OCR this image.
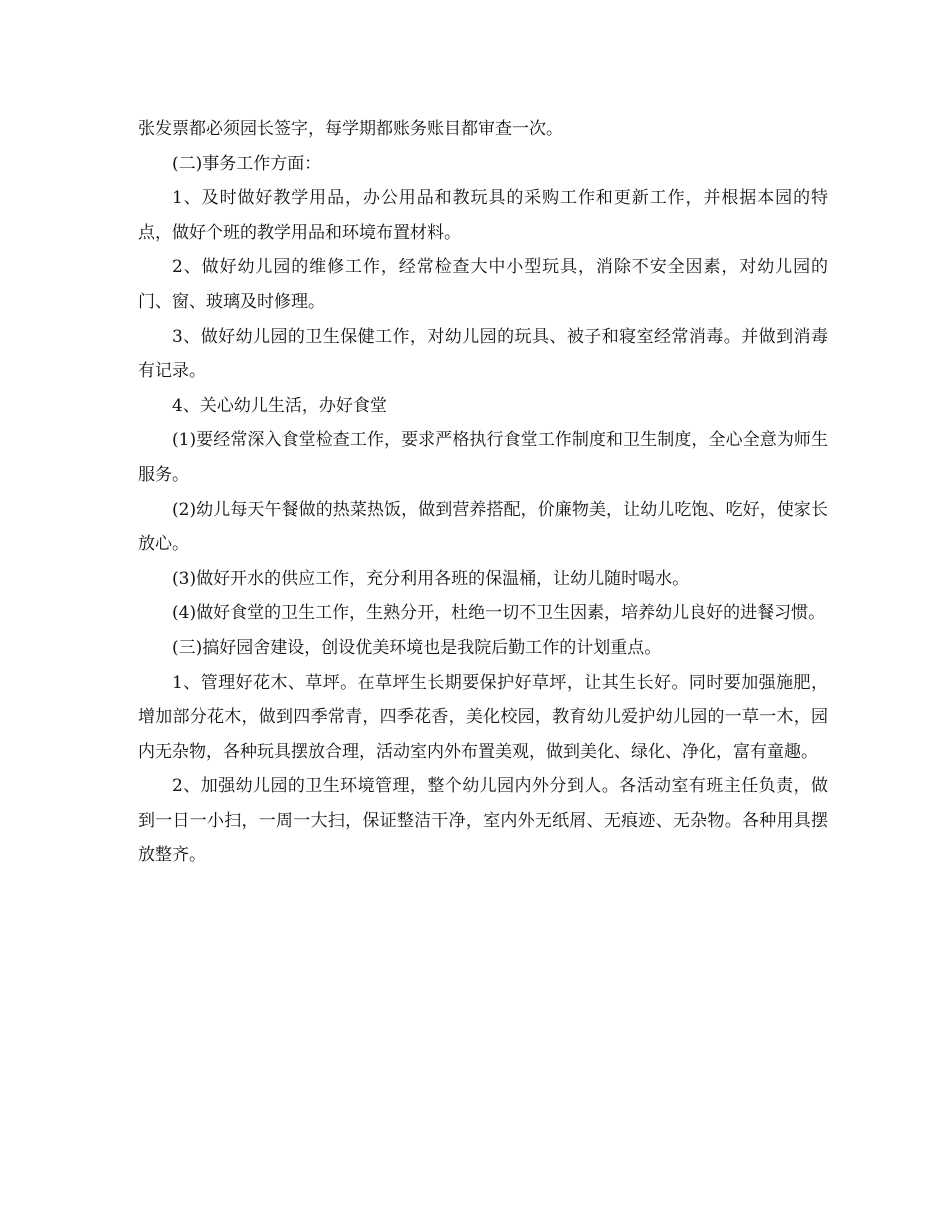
张发票都必须园长签字，每学期都账务账目都审查一次。

(二)事务工作方面：

1、及时做好教学用品，办公用品和教玩具的采购工作和更新工作，并根据本园的特点，做好个班的教学用品和环境布置材料。

2、做好幼儿园的维修工作，经常检查大中小型玩具，消除不安全因素，对幼儿园的门、窗、玻璃及时修理。

3、做好幼儿园的卫生保健工作，对幼儿园的玩具、被子和寝室经常消毒。并做到消毒有记录。

4、关心幼儿生活，办好食堂

(1)要经常深入食堂检查工作，要求严格执行食堂工作制度和卫生制度，全心全意为师生服务。

(2)幼儿每天午餐做的热菜热饭，做到营养搭配，价廉物美，让幼儿吃饱、吃好，使家长放心。

(3)做好开水的供应工作，充分利用各班的保温桶，让幼儿随时喝水。

(4)做好食堂的卫生工作，生熟分开，杜绝一切不卫生因素，培养幼儿良好的进餐习惯。

(三)搞好园舍建设，创设优美环境也是我院后勤工作的计划重点。

1、管理好花木、草坪。在草坪生长期要保护好草坪，让其生长好。同时要加强施肥，增加部分花木，做到四季常青，四季花香，美化校园，教育幼儿爱护幼儿园的一草一木，园内无杂物，各种玩具摆放合理，活动室内外布置美观，做到美化、绿化、净化，富有童趣。

2、加强幼儿园的卫生环境管理，整个幼儿园内外分到人。各活动室有班主任负责，做到一日一小扫，一周一大扫，保证整洁干净，室内外无纸屑、无痕迹、无杂物。各种用具摆放整齐。
